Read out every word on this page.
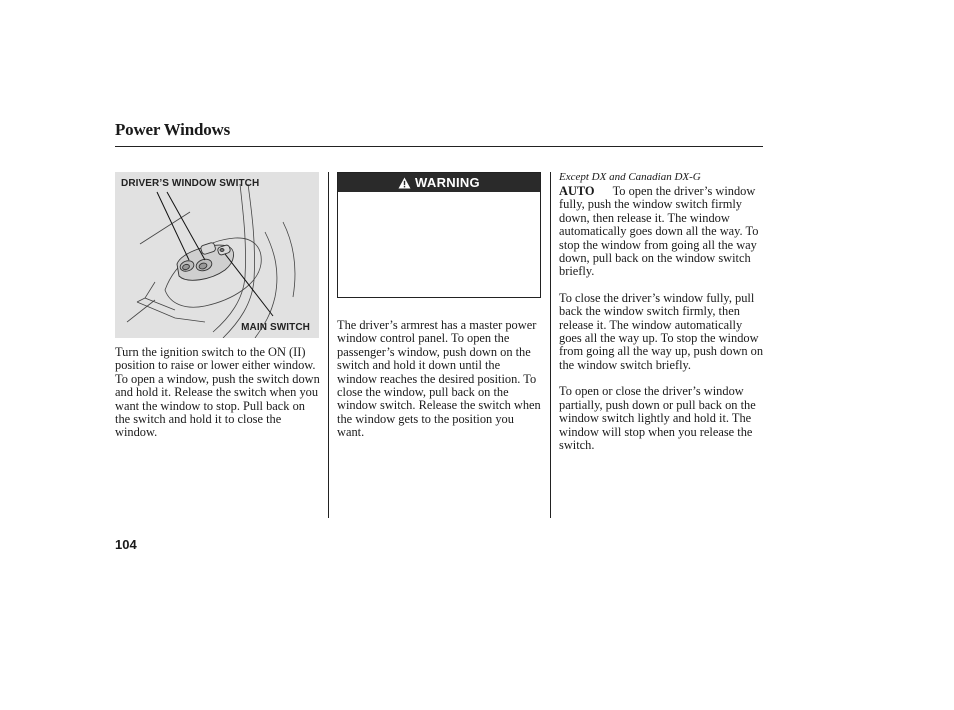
Power Windows
DRIVER’S WINDOW SWITCH
MAIN SWITCH

Turn the ignition switch to the ON (II) position to raise or lower either window. To open a window, push the switch down and hold it. Release the switch when you want the window to stop. Pull back on the switch and hold it to close the window.

WARNING

The driver’s armrest has a master power window control panel. To open the passenger’s window, push down on the switch and hold it down until the window reaches the desired position. To close the window, pull back on the window switch. Release the switch when the window gets to the position you want.

Except DX and Canadian DX-G

AUTO To open the driver’s window fully, push the window switch firmly down, then release it. The window automatically goes down all the way. To stop the window from going all the way down, pull back on the window switch briefly.

To close the driver’s window fully, pull back the window switch firmly, then release it. The window automatically goes all the way up. To stop the window from going all the way up, push down on the window switch briefly.

To open or close the driver’s window partially, push down or pull back on the window switch lightly and hold it. The window will stop when you release the switch.

104
